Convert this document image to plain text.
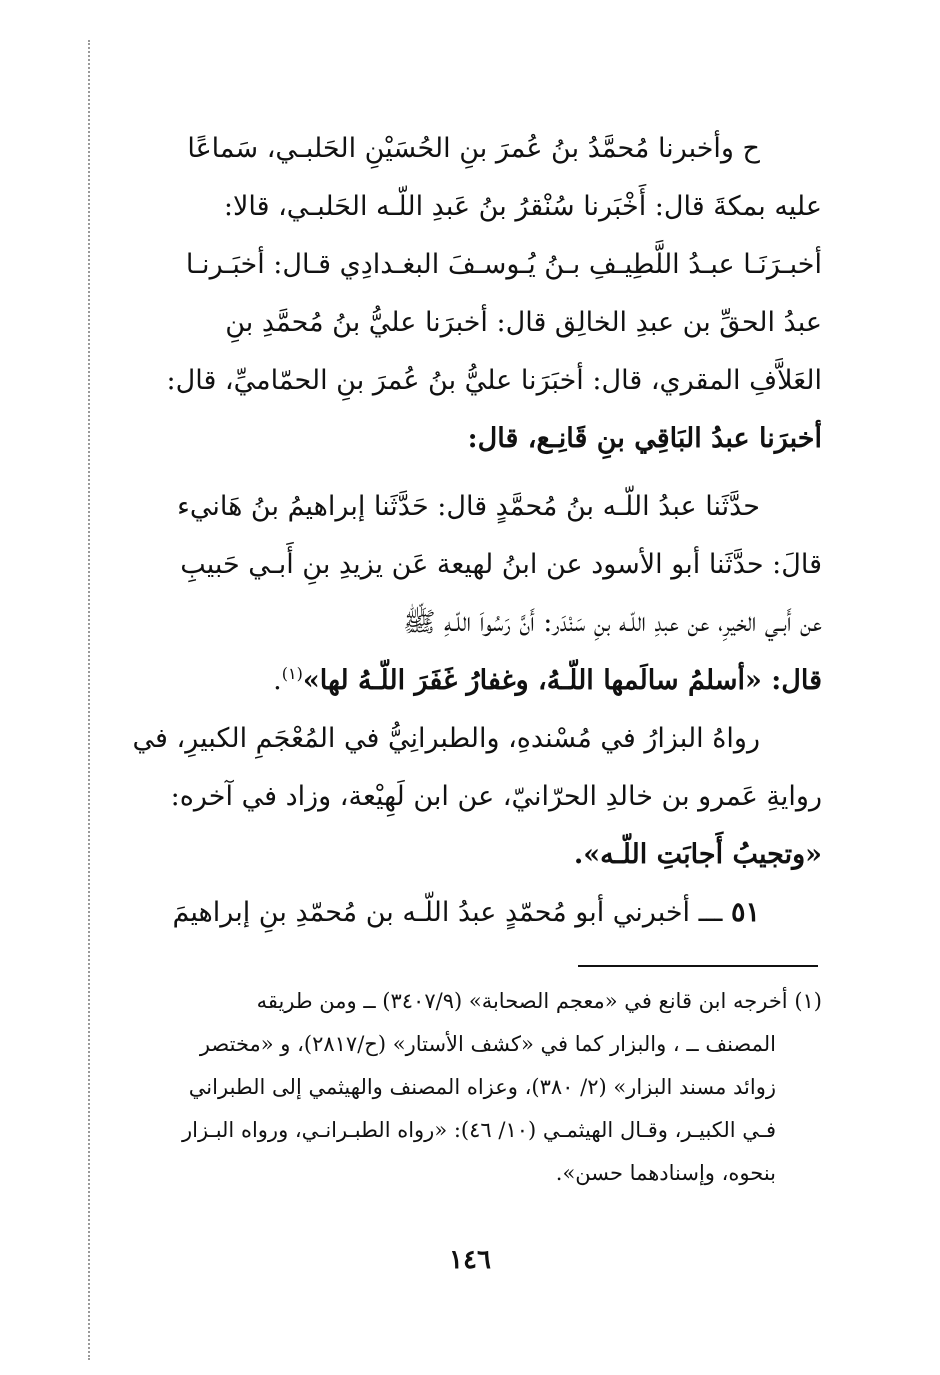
ح وأخبرنا مُحمَّدُ بنُ عُمرَ بنِ الحُسَيْنِ الحَلبـي، سَماعًا
عليه بمكةَ قال: أَخْبَرنا سُنْقرُ بنُ عَبدِ اللّـه الحَلبـي، قالا:
أخبـرَنَـا عبـدُ اللَّطِيـفِ بـنُ يُـوسـفَ البغـدادِي قـال: أخبَـرنـا
عبدُ الحقِّ بن عبدِ الخالِق قال: أخبرَنا عليُّ بنُ مُحمَّدِ بنِ
العَلاَّفِ المقري، قال: أخبَرَنا عليُّ بنُ عُمرَ بنِ الحمّاميِّ، قال:
أخبرَنا عبدُ البَاقِي بنِ قَانِـع، قال:
حدَّثَنا عبدُ اللّـه بنُ مُحمَّدٍ قال: حَدَّثَنا إبراهيمُ بنُ هَانيء
قالَ: حدَّثَنا أبو الأسود عن ابنُ لهيعة عَن يزيدِ بنِ أَبـي حَبيبِ
عن أَبـي الخيرِ، عن عبدِ اللّـه بنِ سَنْدَر: أَنَّ رَسُواَ اللّـهِ ﷺ
قال: «أسلمُ سالَمها اللّـهُ، وغفارُ غَفَرَ اللّـهُ لها»$^{(١)}$.
رواهُ البزارُ في مُسْندهِ، والطبرانِيُّ في المُعْجَمِ الكبيرِ، في
روايةِ عَمرو بن خالدِ الحرّانيّ، عن ابن لَهِيْعة، وزاد في آخره:
«وتجيبُ أَجابَتِ اللّـه».
٥١ ـــ أخبرني أبو مُحمّدٍ عبدُ اللّـه بن مُحمّدِ بنِ إبراهيمَ
(١) أخرجه ابن قانع في «معجم الصحابة» (٣٤٠٧/٩) ــ ومن طريقه
المصنف ــ ، والبزار كما في «كشف الأستار» (ح/٢٨١٧)، و «مختصر
زوائد مسند البزار» (٢/ ٣٨٠)، وعزاه المصنف والهيثمي إلى الطبراني
فـي الكبيـر، وقـال الهيثمـي (١٠/ ٤٦): «رواه الطبـرانـي، ورواه البـزار
بنحوه، وإسنادهما حسن».
١٤٦
